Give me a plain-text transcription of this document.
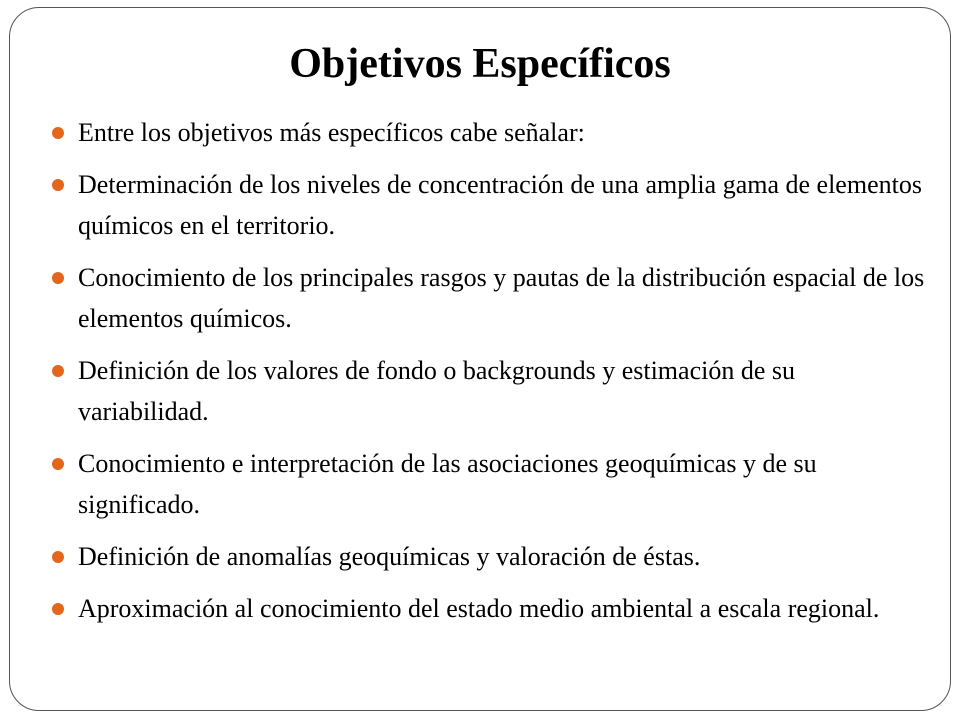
Objetivos Específicos
Entre los objetivos más específicos cabe señalar:
Determinación de los niveles de concentración de una amplia gama de elementos químicos en el territorio.
Conocimiento de los principales rasgos y pautas de la distribución espacial de los elementos químicos.
Definición de los valores de fondo o backgrounds y estimación de su variabilidad.
Conocimiento e interpretación de las asociaciones geoquímicas y de su significado.
Definición de anomalías geoquímicas y valoración de éstas.
Aproximación al conocimiento del estado medio ambiental a escala regional.
